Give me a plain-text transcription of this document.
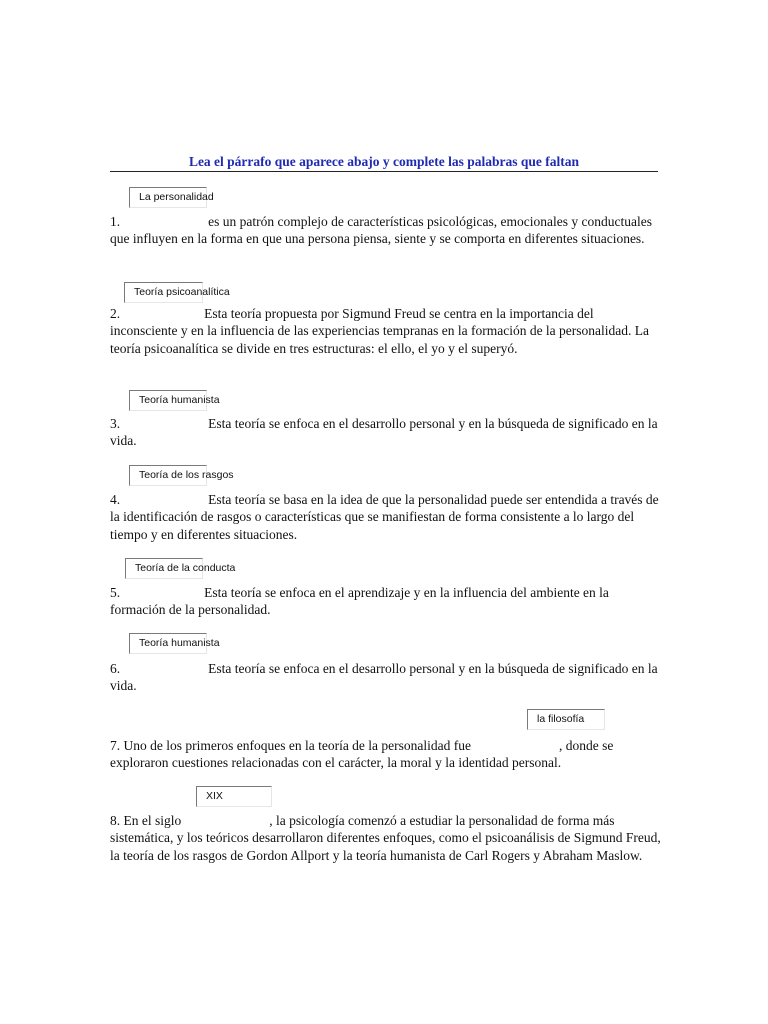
Lea el párrafo que aparece abajo y complete las palabras que faltan
La personalidad
1.	es un patrón complejo de características psicológicas, emocionales y conductuales que influyen en la forma en que una persona piensa, siente y se comporta en diferentes situaciones.
Teoría psicoanalítica
2.	Esta teoría propuesta por Sigmund Freud se centra en la importancia del inconsciente y en la influencia de las experiencias tempranas en la formación de la personalidad. La teoría psicoanalítica se divide en tres estructuras: el ello, el yo y el superyó.
Teoría humanista
3.	Esta teoría se enfoca en el desarrollo personal y en la búsqueda de significado en la vida.
Teoría de los rasgos
4.	Esta teoría se basa en la idea de que la personalidad puede ser entendida a través de la identificación de rasgos o características que se manifiestan de forma consistente a lo largo del tiempo y en diferentes situaciones.
Teoría de la conducta
5.	Esta teoría se enfoca en el aprendizaje y en la influencia del ambiente en la formación de la personalidad.
Teoría humanista
6.	Esta teoría se enfoca en el desarrollo personal y en la búsqueda de significado en la vida.
la filosofía
7. Uno de los primeros enfoques en la teoría de la personalidad fue	, donde se exploraron cuestiones relacionadas con el carácter, la moral y la identidad personal.
XIX
8. En el siglo	, la psicología comenzó a estudiar la personalidad de forma más sistemática, y los teóricos desarrollaron diferentes enfoques, como el psicoanálisis de Sigmund Freud, la teoría de los rasgos de Gordon Allport y la teoría humanista de Carl Rogers y Abraham Maslow.
